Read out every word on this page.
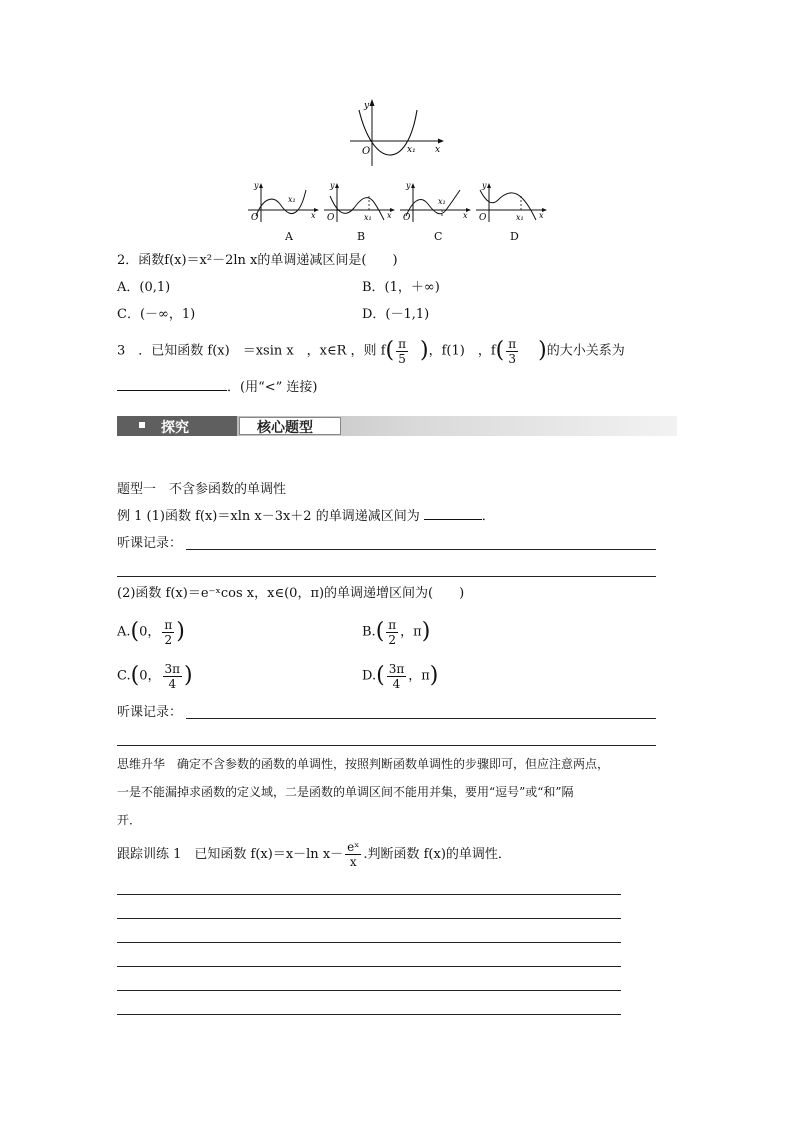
y
O	x₁ x
y
O
x₁
x
y
O	x₁ x
y
O
x₁
x
y
O	x₁ x
A	B	C	D
2．函数f(x)＝x²－2ln x的单调递减区间是(　　)
A．(0,1)	B．(1，＋∞)
C．(－∞，1)	D．(－1,1)
3　．已知函数 f(x)　＝xsin x　，x∈R ，则 $f( \frac{\pi}{5}$ )，f(1)　，$f( \frac{\pi}{3}$ )的大小关系为
．(用“<” 连接)
探究	核心题型
题型一　不含参函数的单调性
例 1 (1)函数 f(x)＝xln x－3x＋2 的单调递减区间为	．
听课记录：
(2)函数 f(x)＝e⁻ˣcos x，x∈(0，π)的单调递增区间为(　　)
A.(0， $\frac{\pi}{2}$ )	$B.( \frac{\pi}{2}$ ，π)
C.(0， $\frac{3\pi}{4}$ )	$D.( \frac{3\pi}{4}$ ，π)
听课记录：
思维升华　确定不含参数的函数的单调性，按照判断函数单调性的步骤即可，但应注意两点，
一是不能漏掉求函数的定义域，二是函数的单调区间不能用并集，要用“逗号”或“和”隔
开．
跟踪训练 1　已知函数 f(x)＝x－ln $x- \frac{\text{eˣ}}{x}$ .判断函数 f(x)的单调性．
